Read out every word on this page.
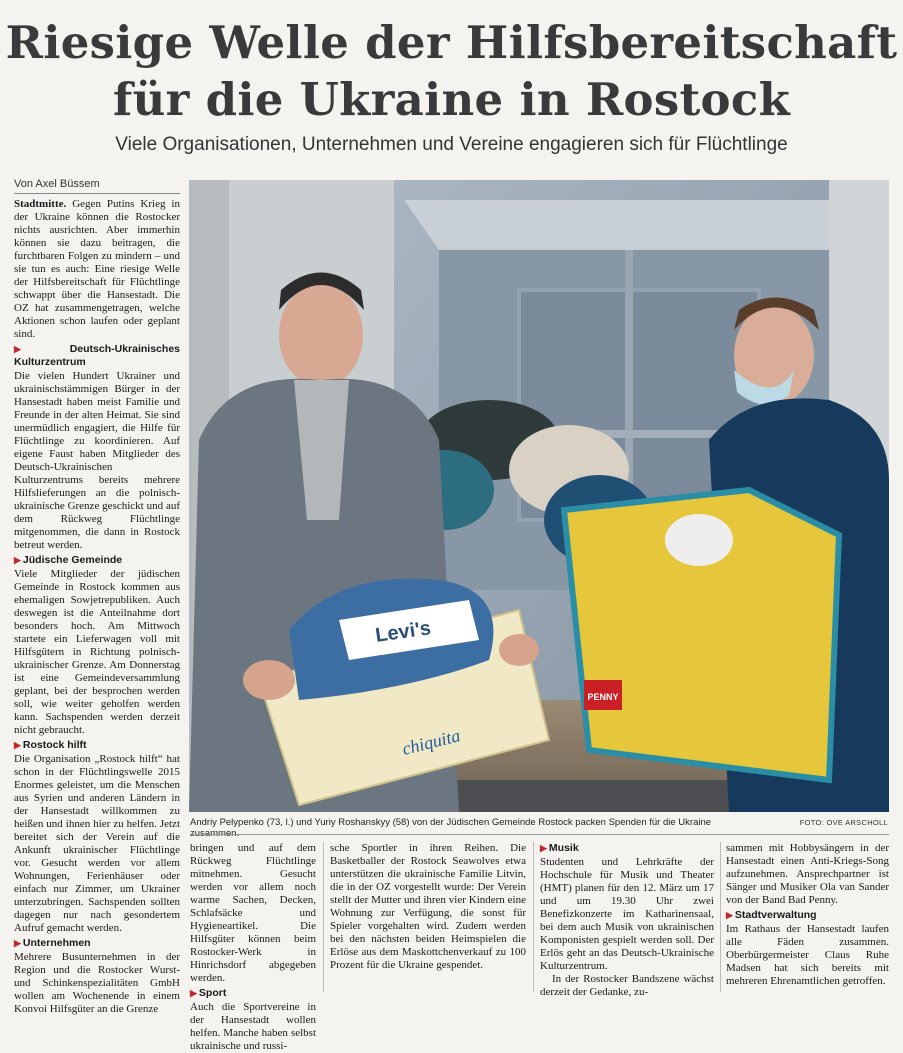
Riesige Welle der Hilfsbereitschaft
für die Ukraine in Rostock
Viele Organisationen, Unternehmen und Vereine engagieren sich für Flüchtlinge
Von Axel Büssem

Stadtmitte. Gegen Putins Krieg in der Ukraine können die Rostocker nichts ausrichten. Aber immerhin können sie dazu beitragen, die furchtbaren Folgen zu mindern – und sie tun es auch: Eine riesige Welle der Hilfsbereitschaft für Flüchtlinge schwappt über die Hansestadt. Die OZ hat zusammengetragen, welche Aktionen schon laufen oder geplant sind.

▶ Deutsch-Ukrainisches Kulturzentrum

Die vielen Hundert Ukrainer und ukrainischstämmigen Bürger in der Hansestadt haben meist Familie und Freunde in der alten Heimat. Sie sind unermüdlich engagiert, die Hilfe für Flüchtlinge zu koordinieren. Auf eigene Faust haben Mitglieder des Deutsch-Ukrainischen Kulturzentrums bereits mehrere Hilfslieferungen an die polnisch-ukrainische Grenze geschickt und auf dem Rückweg Flüchtlinge mitgenommen, die dann in Rostock betreut werden.

▶ Jüdische Gemeinde

Viele Mitglieder der jüdischen Gemeinde in Rostock kommen aus ehemaligen Sowjetrepubliken. Auch deswegen ist die Anteilnahme dort besonders hoch. Am Mittwoch startete ein Lieferwagen voll mit Hilfsgütern in Richtung polnisch-ukrainischer Grenze. Am Donnerstag ist eine Gemeindeversammlung geplant, bei der besprochen werden soll, wie weiter geholfen werden kann. Sachspenden werden derzeit nicht gebraucht.

▶ Rostock hilft

Die Organisation „Rostock hilft“ hat schon in der Flüchtlingswelle 2015 Enormes geleistet, um die Menschen aus Syrien und anderen Ländern in der Hansestadt willkommen zu heißen und ihnen hier zu helfen. Jetzt bereitet sich der Verein auf die Ankunft ukrainischer Flüchtlinge vor. Gesucht werden vor allem Wohnungen, Ferienhäuser oder einfach nur Zimmer, um Ukrainer unterzubringen. Sachspenden sollten dagegen nur nach gesondertem Aufruf gemacht werden.

▶ Unternehmen

Mehrere Busunternehmen in der Region und die Rostocker Wurst- und Schinkenspezialitäten GmbH wollen am Wochenende in einem Konvoi Hilfsgüter an die Grenze

PENNY
chiquita
Levi's
Andriy Pelypenko (73, l.) und Yuriy Roshanskyy (58) von der Jüdischen Gemeinde Rostock packen Spenden für die Ukraine	FOTO: OVE ARSCHOLL

bringen und auf dem Rückweg Flüchtlinge mitnehmen. Gesucht werden vor allem noch warme Sachen, Decken, Schlafsäcke und Hygieneartikel. Die Hilfsgüter können beim Rostocker-Werk in Hinrichsdorf abgegeben werden.

▶ Sport

Auch die Sportvereine in der Hansestadt wollen helfen. Manche haben selbst ukrainische und russi-

sche Sportler in ihren Reihen. Die Basketballer der Rostock Seawolves etwa unterstützen die ukrainische Familie Litvin, die in der OZ vorgestellt wurde: Der Verein stellt der Mutter und ihren vier Kindern eine Wohnung zur Verfügung, die sonst für Spieler vorgehalten wird. Zudem werden bei den nächsten beiden Heimspielen die Erlöse aus dem Maskottchenverkauf zu 100 Prozent für die Ukraine gespendet.

▶ Musik

Studenten und Lehrkräfte der Hochschule für Musik und Theater (HMT) planen für den 12. März um 17 und um 19.30 Uhr zwei Benefizkonzerte im Katharinensaal, bei dem auch Musik von ukrainischen Komponisten gespielt werden soll. Der Erlös geht an das Deutsch-Ukrainische Kulturzentrum.

In der Rostocker Bandszene wächst derzeit der Gedanke, zu-

sammen mit Hobbysängern in der Hansestadt einen Anti-Kriegs-Song aufzunehmen. Ansprechpartner ist Sänger und Musiker Ola van Sander von der Band Bad Penny.

▶ Stadtverwaltung

Im Rathaus der Hansestadt laufen alle Fäden zusammen. Oberbürgermeister Claus Ruhe Madsen hat sich bereits mit mehreren Ehrenamtlichen getroffen.
